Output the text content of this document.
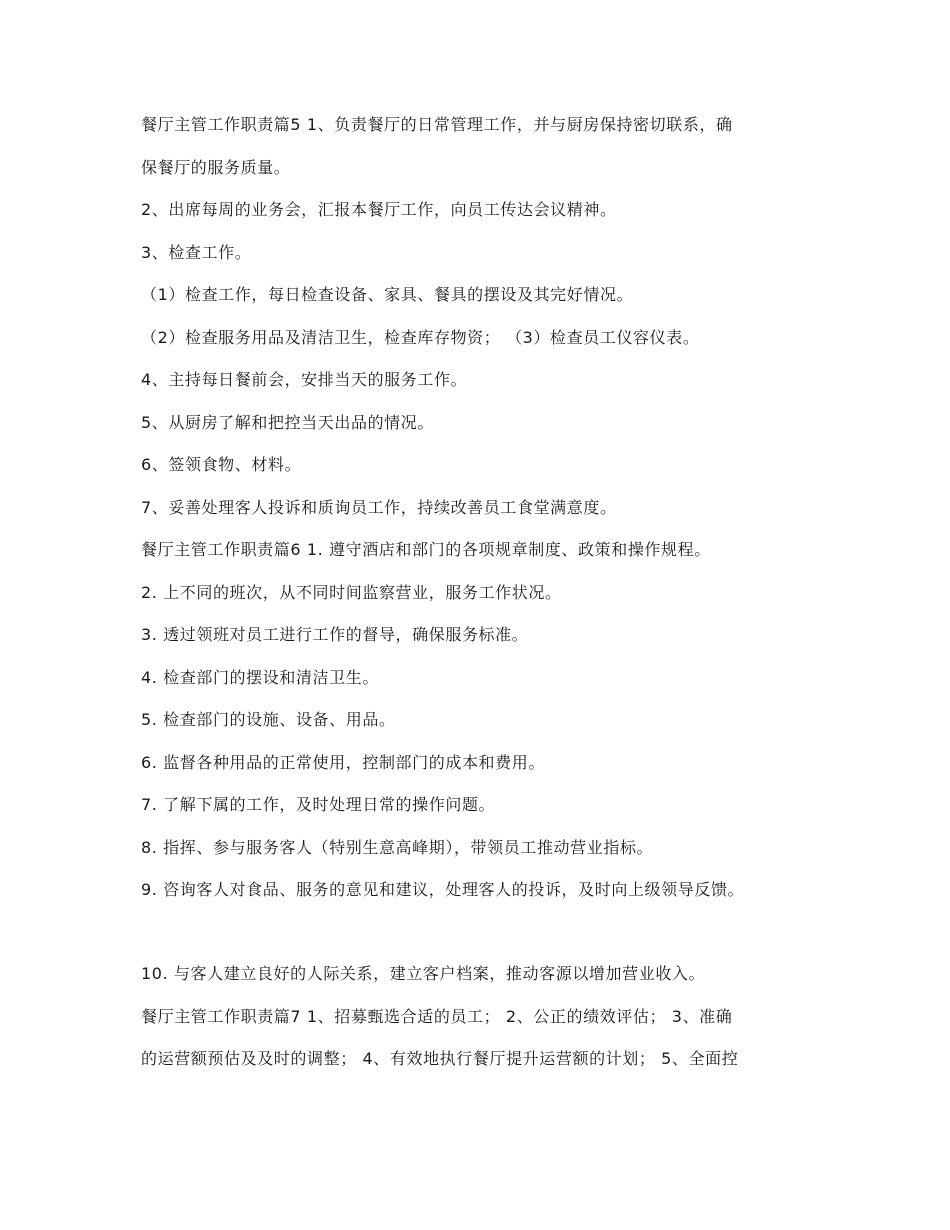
餐厅主管工作职责篇5 1、负责餐厅的日常管理工作，并与厨房保持密切联系，确
保餐厅的服务质量。
2、出席每周的业务会，汇报本餐厅工作，向员工传达会议精神。
3、检查工作。
（1）检查工作，每日检查设备、家具、餐具的摆设及其完好情况。
（2）检查服务用品及清洁卫生，检查库存物资； （3）检查员工仪容仪表。
4、主持每日餐前会，安排当天的服务工作。
5、从厨房了解和把控当天出品的情况。
6、签领食物、材料。
7、妥善处理客人投诉和质询员工作，持续改善员工食堂满意度。
餐厅主管工作职责篇6 1. 遵守酒店和部门的各项规章制度、政策和操作规程。
2. 上不同的班次，从不同时间监察营业，服务工作状况。
3. 透过领班对员工进行工作的督导，确保服务标准。
4. 检查部门的摆设和清洁卫生。
5. 检查部门的设施、设备、用品。
6. 监督各种用品的正常使用，控制部门的成本和费用。
7. 了解下属的工作，及时处理日常的操作问题。
8. 指挥、参与服务客人（特别生意高峰期），带领员工推动营业指标。
9. 咨询客人对食品、服务的意见和建议，处理客人的投诉，及时向上级领导反馈。
10. 与客人建立良好的人际关系，建立客户档案，推动客源以增加营业收入。
餐厅主管工作职责篇7 1、招募甄选合适的员工； 2、公正的绩效评估； 3、准确
的运营额预估及及时的调整； 4、有效地执行餐厅提升运营额的计划； 5、全面控
